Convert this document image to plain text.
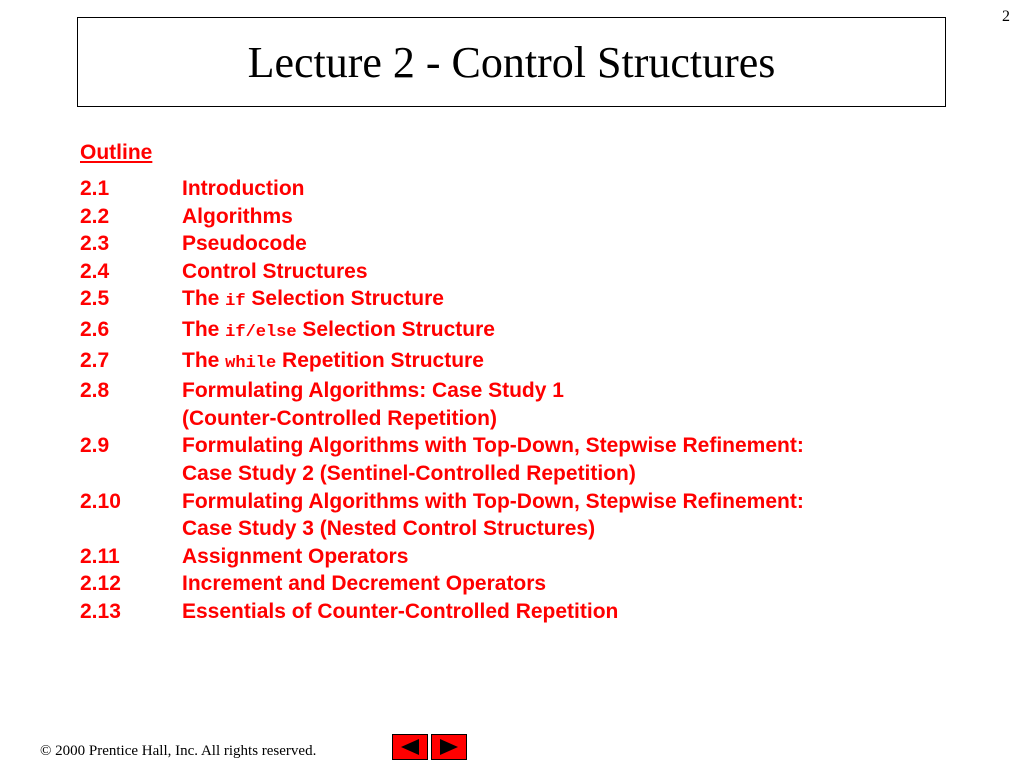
2
Lecture 2 - Control Structures
Outline
2.1	Introduction
2.2	Algorithms
2.3	Pseudocode
2.4	Control Structures
2.5	The if Selection Structure
2.6	The if/else Selection Structure
2.7	The while Repetition Structure
2.8	Formulating Algorithms: Case Study 1
(Counter-Controlled Repetition)
2.9	Formulating Algorithms with Top-Down, Stepwise Refinement:
Case Study 2 (Sentinel-Controlled Repetition)
2.10	Formulating Algorithms with Top-Down, Stepwise Refinement:
Case Study 3 (Nested Control Structures)
2.11	Assignment Operators
2.12	Increment and Decrement Operators
2.13	Essentials of Counter-Controlled Repetition
© 2000 Prentice Hall, Inc. All rights reserved.
